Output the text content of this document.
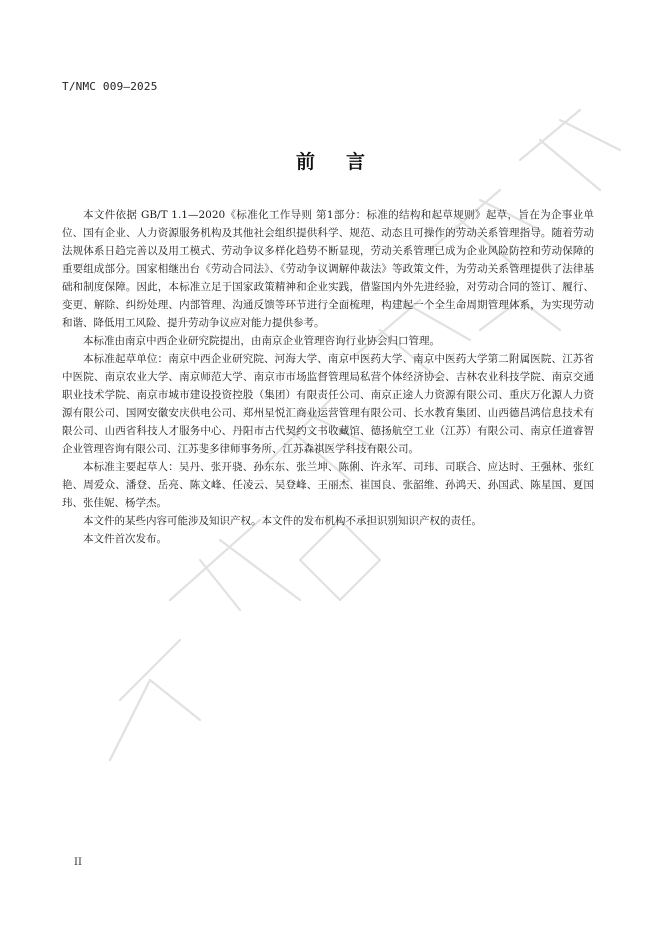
T/NMC 009—2025
前 言

本文件依据 GB/T 1.1—2020《标准化工作导则 第1部分：标准的结构和起草规则》起草，旨在为企事业单位、国有企业、人力资源服务机构及其他社会组织提供科学、规范、动态且可操作的劳动关系管理指导。随着劳动法规体系日趋完善以及用工模式、劳动争议多样化趋势不断显现，劳动关系管理已成为企业风险防控和劳动保障的重要组成部分。国家相继出台《劳动合同法》、《劳动争议调解仲裁法》等政策文件，为劳动关系管理提供了法律基础和制度保障。因此，本标准立足于国家政策精神和企业实践，借鉴国内外先进经验，对劳动合同的签订、履行、变更、解除、纠纷处理、内部管理、沟通反馈等环节进行全面梳理，构建起一个全生命周期管理体系，为实现劳动和谐、降低用工风险、提升劳动争议应对能力提供参考。

本标准由南京中西企业研究院提出，由南京企业管理咨询行业协会归口管理。

本标准起草单位：南京中西企业研究院、河海大学、南京中医药大学、南京中医药大学第二附属医院、江苏省中医院、南京农业大学、南京师范大学、南京市市场监督管理局私营个体经济协会、吉林农业科技学院、南京交通职业技术学院、南京市城市建设投资控股（集团）有限责任公司、南京正途人力资源有限公司、重庆万化源人力资源有限公司、国网安徽安庆供电公司、郑州星悦汇商业运营管理有限公司、长水教育集团、山西德昌鸿信息技术有限公司、山西省科技人才服务中心、丹阳市古代契约文书收藏馆、德扬航空工业（江苏）有限公司、南京任道睿智企业管理咨询有限公司、江苏斐多律师事务所、江苏森祺医学科技有限公司。

本标准主要起草人：吴丹、张开骁、孙东东、张兰坤、陈俐、许永军、司玮、司联合、应达时、王强林、张红艳、周爱众、潘登、岳亮、陈文峰、任凌云、吴登峰、王丽杰、崔国良、张韶维、孙鸿天、孙国武、陈星国、夏国玮、张佳妮、杨学杰。

本文件的某些内容可能涉及知识产权。本文件的发布机构不承担识别知识产权的责任。

本文件首次发布。

II
